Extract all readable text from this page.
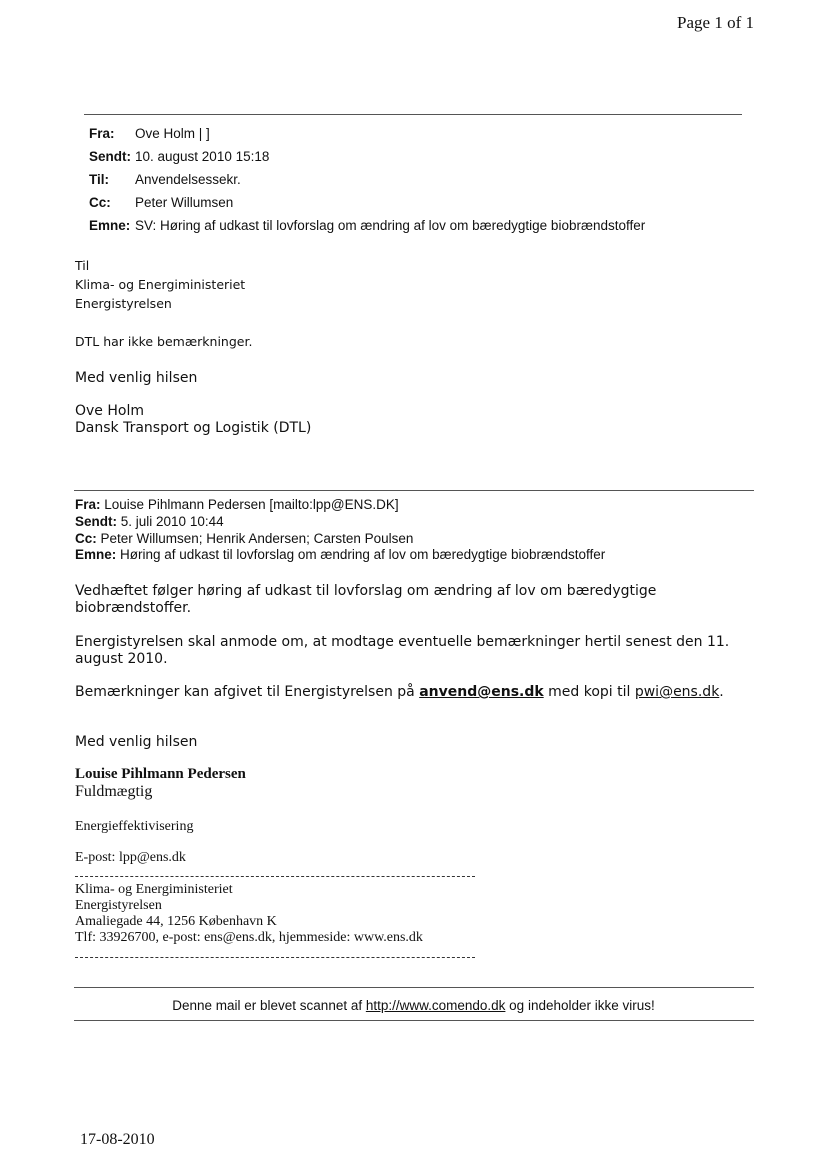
Page 1 of 1
Fra: Ove Holm | ]
Sendt: 10. august 2010 15:18
Til: Anvendelsessekr.
Cc: Peter Willumsen
Emne: SV: Høring af udkast til lovforslag om ændring af lov om bæredygtige biobrændstoffer
Til
Klima- og Energiministeriet
Energistyrelsen
DTL har ikke bemærkninger.
Med venlig hilsen
Ove Holm
Dansk Transport og Logistik (DTL)
Fra: Louise Pihlmann Pedersen [mailto:lpp@ENS.DK]
Sendt: 5. juli 2010 10:44
Cc: Peter Willumsen; Henrik Andersen; Carsten Poulsen
Emne: Høring af udkast til lovforslag om ændring af lov om bæredygtige biobrændstoffer
Vedhæftet følger høring af udkast til lovforslag om ændring af lov om bæredygtige
biobrændstoffer.
Energistyrelsen skal anmode om, at modtage eventuelle bemærkninger hertil senest den 11.
august 2010.
Bemærkninger kan afgivet til Energistyrelsen på anvend@ens.dk med kopi til pwi@ens.dk.
Med venlig hilsen
Louise Pihlmann Pedersen
Fuldmægtig
Energieffektivisering
E-post: lpp@ens.dk
Klima- og Energiministeriet
Energistyrelsen
Amaliegade 44, 1256 København K
Tlf: 33926700, e-post: ens@ens.dk, hjemmeside: www.ens.dk
Denne mail er blevet scannet af http://www.comendo.dk og indeholder ikke virus!
17-08-2010
